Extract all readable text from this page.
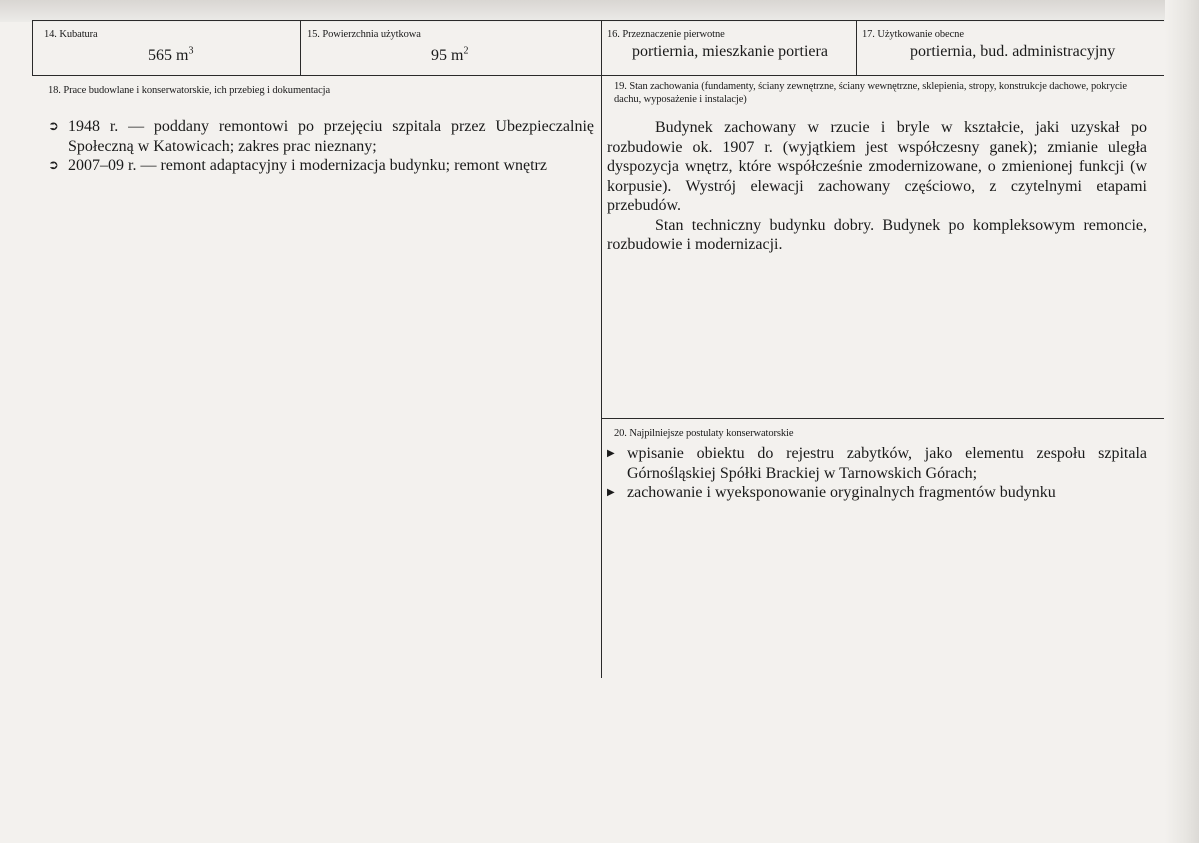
14. Kubatura
565 $m^3$
15. Powierzchnia użytkowa
95 $m^2$
16. Przeznaczenie pierwotne
portiernia, mieszkanie portiera
17. Użytkowanie obecne
portiernia, bud. administracyjny
18. Prace budowlane i konserwatorskie, ich przebieg i dokumentacja
➲ 1948 r. — poddany remontowi po przejęciu szpitala przez Ubezpieczalnię Społeczną w Katowicach; zakres prac nieznany;
➲ 2007–09 r. — remont adaptacyjny i modernizacja budynku; remont wnętrz
19. Stan zachowania (fundamenty, ściany zewnętrzne, ściany wewnętrzne, sklepienia, stropy, konstrukcje dachowe, pokrycie dachu, wyposażenie i instalacje)

Budynek zachowany w rzucie i bryle w kształcie, jaki uzyskał po rozbudowie ok. 1907 r. (wyjątkiem jest współczesny ganek); zmianie uległa dyspozycja wnętrz, które współcześnie zmodernizowane, o zmienionej funkcji (w korpusie). Wystrój elewacji zachowany częściowo, z czytelnymi etapami przebudów.

Stan techniczny budynku dobry. Budynek po kompleksowym remoncie, rozbudowie i modernizacji.

20. Najpilniejsze postulaty konserwatorskie
▶ wpisanie obiektu do rejestru zabytków, jako elementu zespołu szpitala Górnośląskiej Spółki Brackiej w Tarnowskich Górach;
▶ zachowanie i wyeksponowanie oryginalnych fragmentów budynku
